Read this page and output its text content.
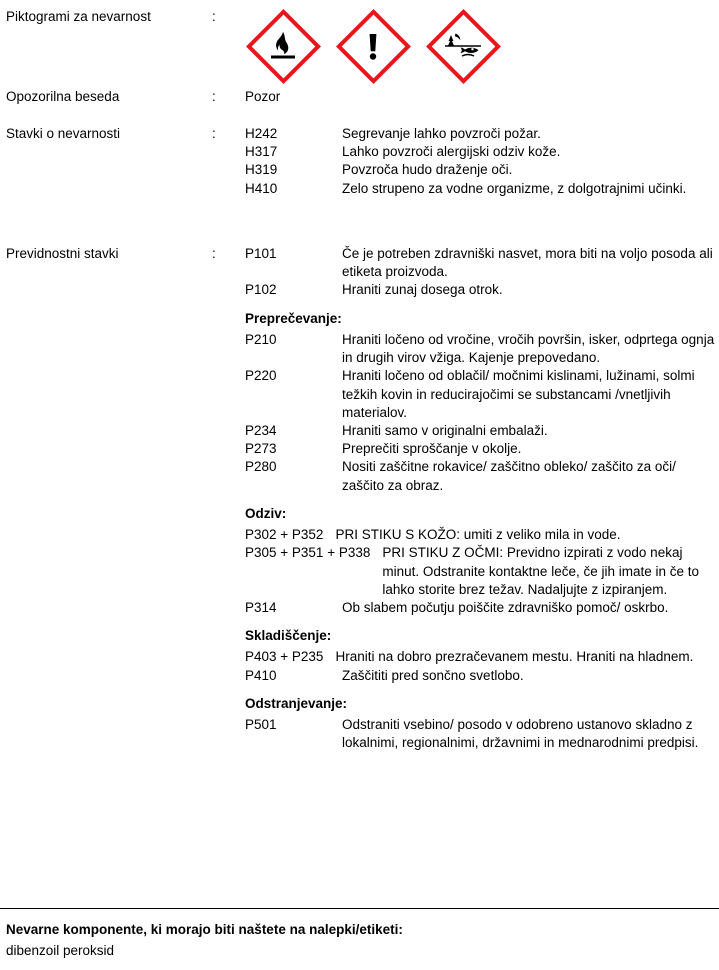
Piktogrami za nevarnost	:
Opozorilna beseda	:	Pozor
Stavki o nevarnosti	:	H242	Segrevanje lahko povzroči požar.
H317	Lahko povzroči alergijski odziv kože.
H319	Povzroča hudo draženje oči.
H410	Zelo strupeno za vodne organizme, z dolgotrajnimi učinki.
Previdnostni stavki	:	P101	Če je potreben zdravniški nasvet, mora biti na voljo posoda ali etiketa proizvoda.
P102	Hraniti zunaj dosega otrok.
Preprečevanje:
P210	Hraniti ločeno od vročine, vročih površin, isker, odprtega ognja in drugih virov vžiga. Kajenje prepovedano.
P220	Hraniti ločeno od oblačil/ močnimi kislinami, lužinami, solmi težkih kovin in reducirajočimi se substancami /vnetljivih materialov.
P234	Hraniti samo v originalni embalaži.
P273	Preprečiti sproščanje v okolje.
P280	Nositi zaščitne rokavice/ zaščitno obleko/ zaščito za oči/ zaščito za obraz.
Odziv:
P302 + P352 PRI STIKU S KOŽO: umiti z veliko mila in vode.
P305 + P351 + P338 PRI STIKU Z OČMI: Previdno izpirati z vodo nekaj minut. Odstranite kontaktne leče, če jih imate in če to lahko storite brez težav. Nadaljujte z izpiranjem.
P314	Ob slabem počutju poiščite zdravniško pomoč/ oskrbo.
Skladiščenje:
P403 + P235 Hraniti na dobro prezračevanem mestu. Hraniti na hladnem.
P410	Zaščititi pred sončno svetlobo.
Odstranjevanje:
P501	Odstraniti vsebino/ posodo v odobreno ustanovo skladno z lokalnimi, regionalnimi, državnimi in mednarodnimi predpisi.
Nevarne komponente, ki morajo biti naštete na nalepki/etiketi:
dibenzoil peroksid
